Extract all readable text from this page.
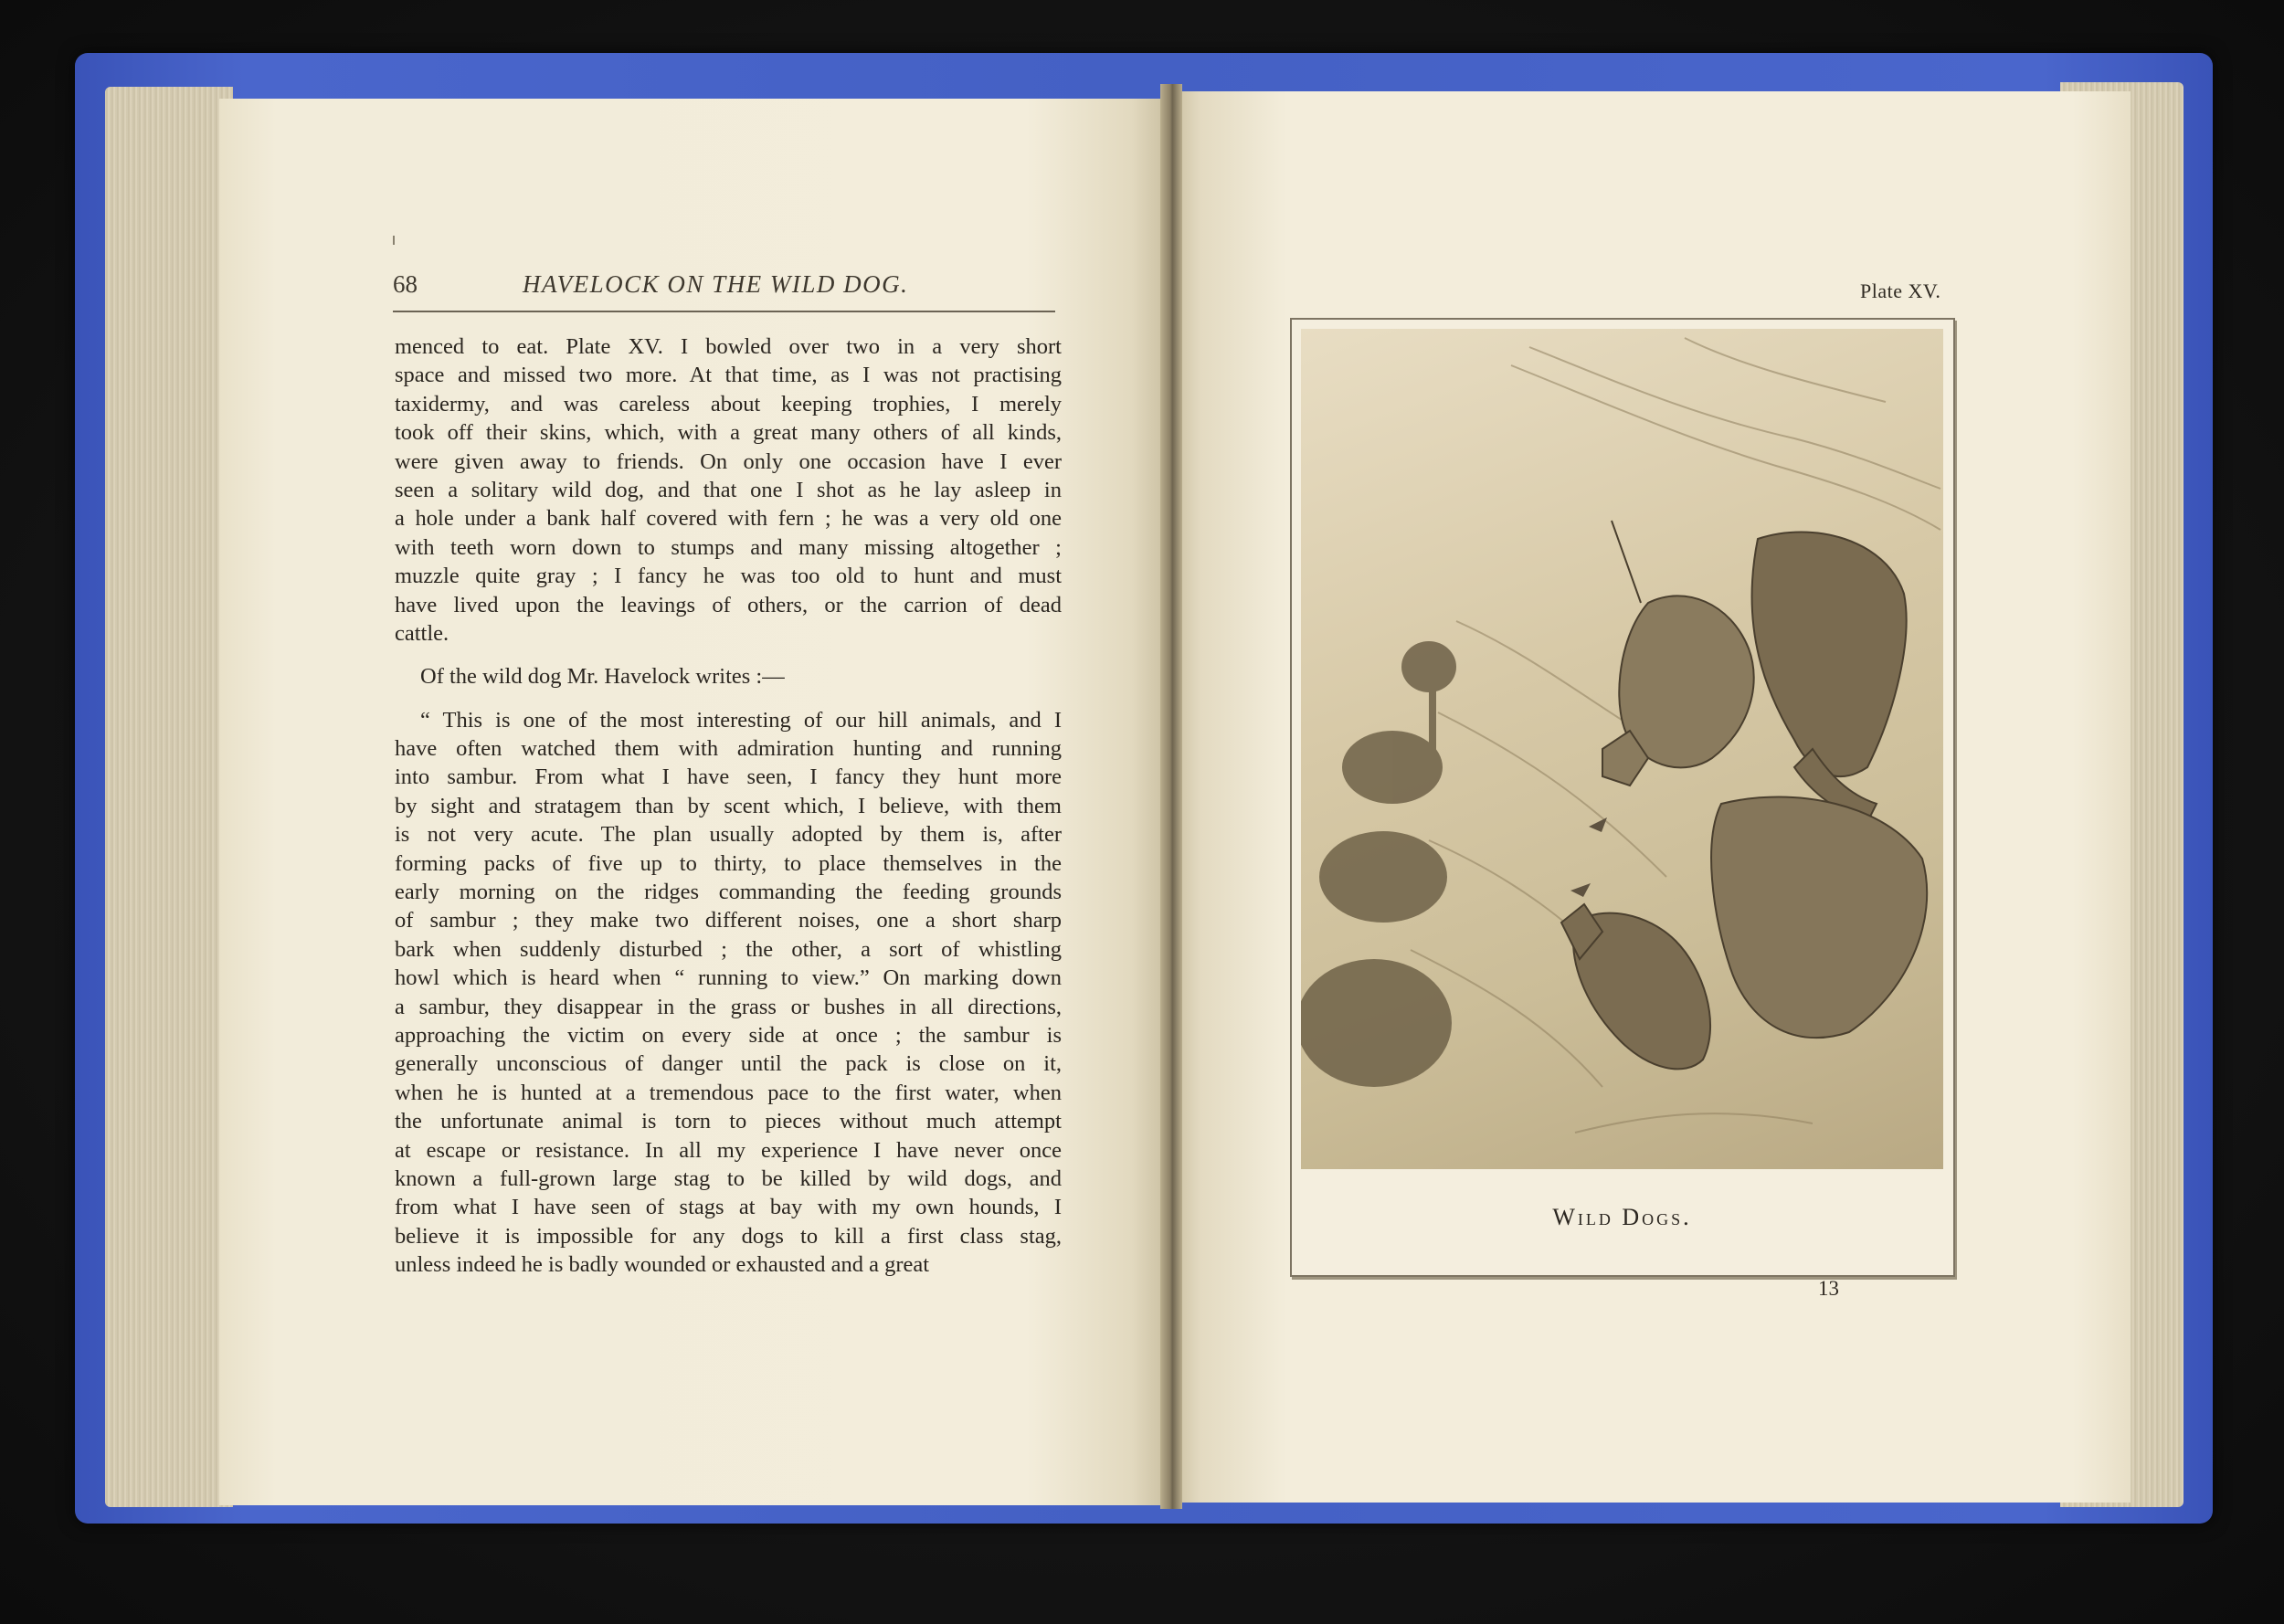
68	HAVELOCK ON THE WILD DOG.
menced to eat. Plate XV. I bowled over two in a very short
space and missed two more. At that time, as I was not practising
taxidermy, and was careless about keeping trophies, I merely
took off their skins, which, with a great many others of all kinds,
were given away to friends. On only one occasion have I ever
seen a solitary wild dog, and that one I shot as he lay asleep in
a hole under a bank half covered with fern ; he was a very old one
with teeth worn down to stumps and many missing altogether ;
muzzle quite gray ; I fancy he was too old to hunt and must
have lived upon the leavings of others, or the carrion of dead
cattle.
Of the wild dog Mr. Havelock writes :—
“ This is one of the most interesting of our hill animals, and I
have often watched them with admiration hunting and running
into sambur. From what I have seen, I fancy they hunt more
by sight and stratagem than by scent which, I believe, with them
is not very acute. The plan usually adopted by them is, after
forming packs of five up to thirty, to place themselves in the
early morning on the ridges commanding the feeding grounds
of sambur ; they make two different noises, one a short sharp
bark when suddenly disturbed ; the other, a sort of whistling
howl which is heard when “ running to view.” On marking down
a sambur, they disappear in the grass or bushes in all directions,
approaching the victim on every side at once ; the sambur is
generally unconscious of danger until the pack is close on it,
when he is hunted at a tremendous pace to the first water, when
the unfortunate animal is torn to pieces without much attempt
at escape or resistance. In all my experience I have never once
known a full-grown large stag to be killed by wild dogs, and
from what I have seen of stags at bay with my own hounds, I
believe it is impossible for any dogs to kill a first class stag,
unless indeed he is badly wounded or exhausted and a great
Plate XV.
Wild Dogs.
13
